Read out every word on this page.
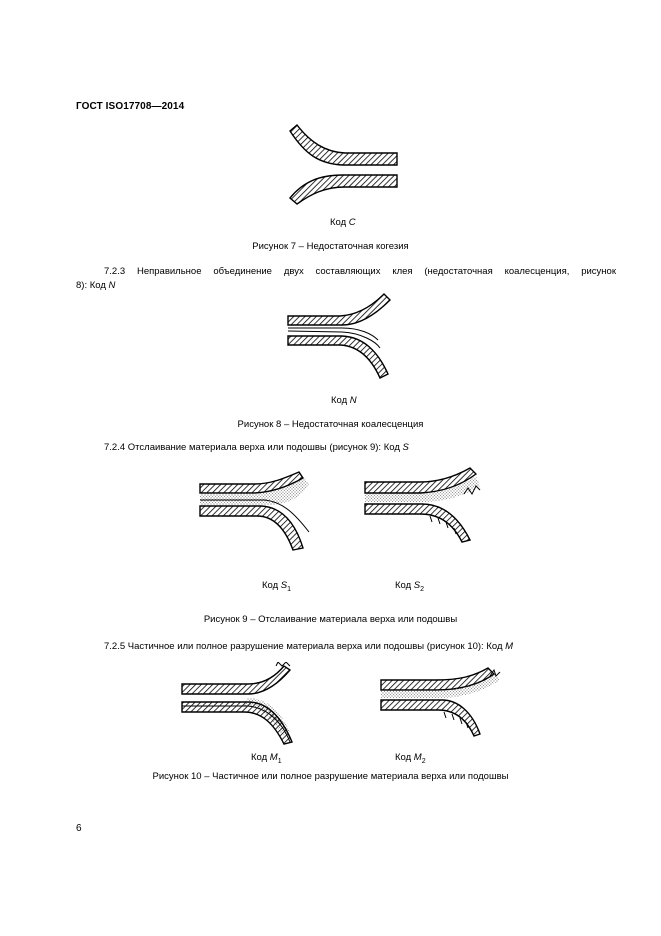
ГОСТ ISO17708—2014
Код C
Рисунок 7 – Недостаточная когезия
7.2.3 Неправильное объединение двух составляющих клея (недостаточная коалесценция, рисунок
8): Код N
Код N
Рисунок 8 – Недостаточная коалесценция
7.2.4 Отслаивание материала верха или подошвы (рисунок 9): Код S
Код $S_1$	Код $S_2$
Рисунок 9 – Отслаивание материала верха или подошвы
7.2.5 Частичное или полное разрушение материала верха или подошвы (рисунок 10): Код M
Код $M_1$	Код $M_2$
Рисунок 10 – Частичное или полное разрушение материала верха или подошвы
6
